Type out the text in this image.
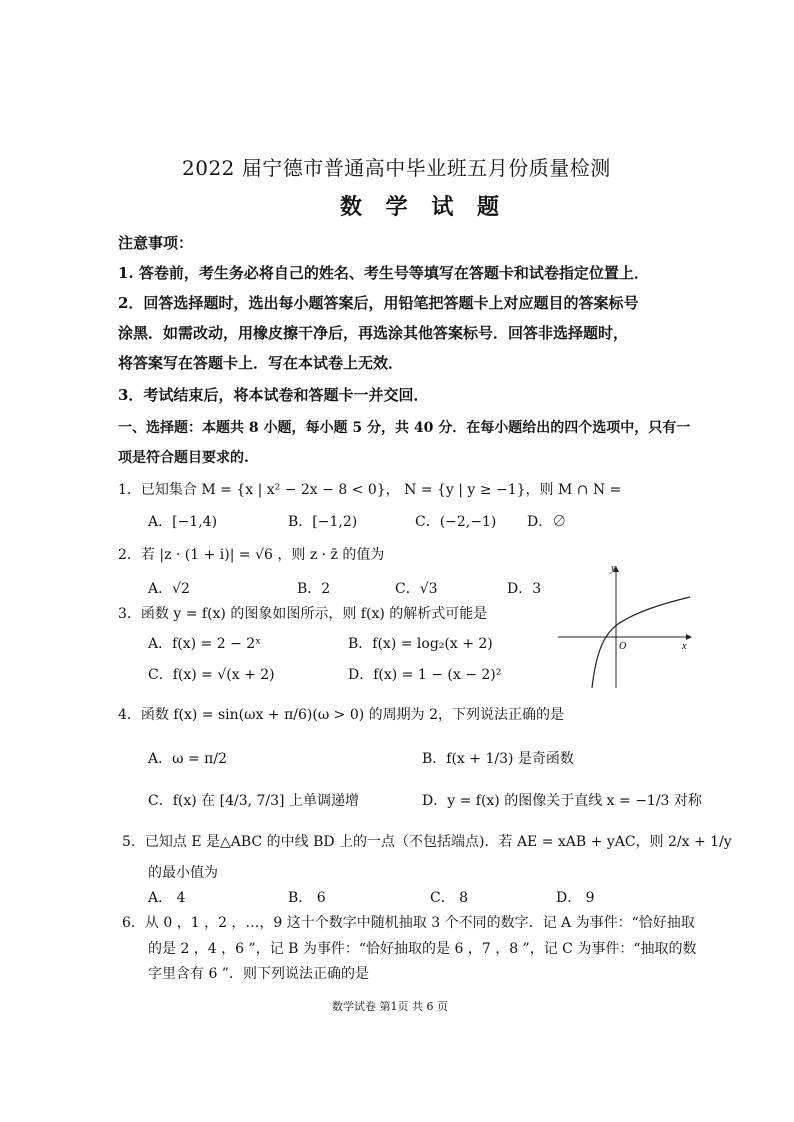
2022 届宁德市普通高中毕业班五月份质量检测
数 学 试 题
注意事项：
1. 答卷前，考生务必将自己的姓名、考生号等填写在答题卡和试卷指定位置上．
2．回答选择题时，选出每小题答案后，用铅笔把答题卡上对应题目的答案标号
涂黑．如需改动，用橡皮擦干净后，再选涂其他答案标号．回答非选择题时，
将答案写在答题卡上．写在本试卷上无效．
3．考试结束后，将本试卷和答题卡一并交回．
一、选择题：本题共 8 小题，每小题 5 分，共 40 分．在每小题给出的四个选项中，只有一
项是符合题目要求的.
1．已知集合 M = {x | x² − 2x − 8 < 0}， N = {y | y ≥ −1}，则 M ∩ N =
A．[−1,4)	B．[−1,2)	C．(−2,−1) D．∅
2．若 |z · (1 + i)| = √6 ，则 z · z̄ 的值为
A．√2	B．2	C．√3	D．3
3．函数 y = f(x) 的图象如图所示，则 f(x) 的解析式可能是
A．f(x) = 2 − 2ˣ	B．f(x) = log₂(x + 2)
C．f(x) = √(x + 2)	D．f(x) = 1 − (x − 2)²
y
x
O
4．函数 f(x) = sin(ωx + π/6)(ω > 0) 的周期为 2，下列说法正确的是
A．ω = π/2	B．f(x + 1/3) 是奇函数
C．f(x) 在 [4/3, 7/3] 上单调递增	D．y = f(x) 的图像关于直线 x = −1/3 对称
5．已知点 E 是△ABC 的中线 BD 上的一点（不包括端点)．若 AE = xAB + yAC，则 2/x + 1/y
的最小值为
A． 4	B． 6	C． 8	D． 9
6．从 0 ，1 ，2 ，…，9 这十个数字中随机抽取 3 个不同的数字．记 A 为事件：“恰好抽取
的是 2 ，4 ，6 ”，记 B 为事件：“恰好抽取的是 6 ，7 ，8 ”，记 C 为事件：“抽取的数
字里含有 6 ”．则下列说法正确的是
数学试卷 第1页 共 6 页
